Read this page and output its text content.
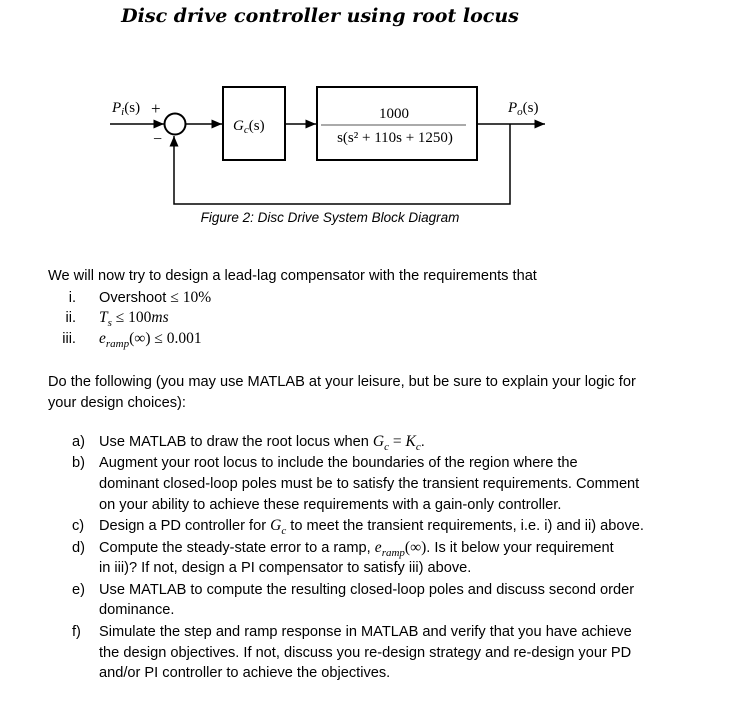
Disc drive controller using root locus
$P_i(s)$ +
−
$G_c(s)$
1000
s(s² + 110s + 1250)
$P_o(s)$
Figure 2: Disc Drive System Block Diagram
We will now try to design a lead-lag compensator with the requirements that
i. Overshoot ≤ 10%
ii. $T_s \le 100ms$
iii. $e_{ramp}(\infty) \le 0.001$
Do the following (you may use MATLAB at your leisure, but be sure to explain your logic for
your design choices):
a) Use MATLAB to draw the root locus when $G_c = K_c$.
b) Augment your root locus to include the boundaries of the region where the
dominant closed-loop poles must be to satisfy the transient requirements. Comment
on your ability to achieve these requirements with a gain-only controller.
c)	Design a PD controller for $G_c$ to meet the transient requirements, i.e. i) and ii) above.
d) Compute the steady-state error to a ramp, $e_{ramp}(\infty)$. Is it below your requirement
in iii)? If not, design a PI compensator to satisfy iii) above.
e) Use MATLAB to compute the resulting closed-loop poles and discuss second order
dominance.
f)	Simulate the step and ramp response in MATLAB and verify that you have achieve
the design objectives. If not, discuss you re-design strategy and re-design your PD
and/or PI controller to achieve the objectives.
